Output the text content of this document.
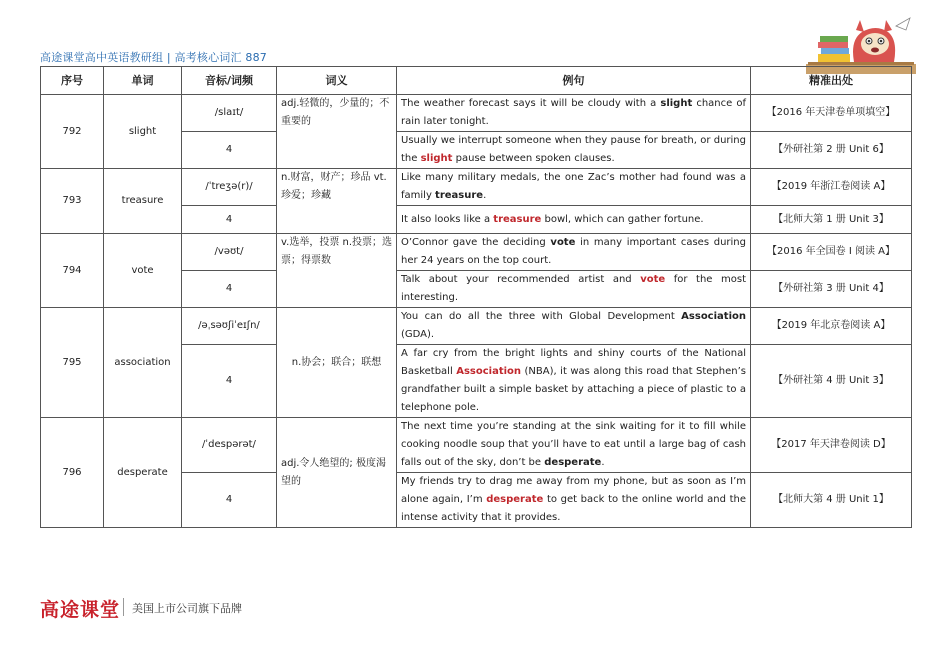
高途课堂高中英语教研组 | 高考核心词汇 887
序号	单词	音标/词频	词义	例句	精准出处
792	slight	/slaɪt/	adj.轻微的，少量的；不重要的	The weather forecast says it will be cloudy with a slight chance of rain later tonight.	【2016 年天津卷单项填空】
		4		Usually we interrupt someone when they pause for breath, or during the slight pause between spoken clauses.	【外研社第 2 册 Unit 6】
793	treasure	/ˈtreʒə(r)/	n.财富，财产；珍品 vt.珍爱；珍藏	Like many military medals, the one Zac’s mother had found was a family treasure.	【2019 年浙江卷阅读 A】
		4		It also looks like a treasure bowl, which can gather fortune.	【北师大第 1 册 Unit 3】
794	vote	/vəʊt/	v.选举，投票 n.投票；选票；得票数	O’Connor gave the deciding vote in many important cases during her 24 years on the top court.	【2016 年全国卷 I 阅读 A】
		4		Talk about your recommended artist and vote for the most interesting.	【外研社第 3 册 Unit 4】
795	association	/əˌsəʊʃiˈeɪʃn/	n.协会；联合；联想	You can do all the three with Global Development Association (GDA).	【2019 年北京卷阅读 A】
		4		A far cry from the bright lights and shiny courts of the National Basketball Association (NBA), it was along this road that Stephen’s grandfather built a simple basket by attaching a piece of plastic to a telephone pole.	【外研社第 4 册 Unit 3】
796	desperate	/ˈdespərət/	adj.令人绝望的; 极度渴望的	The next time you’re standing at the sink waiting for it to fill while cooking noodle soup that you’ll have to eat until a large bag of cash falls out of the sky, don’t be desperate.	【2017 年天津卷阅读 D】
		4		My friends try to drag me away from my phone, but as soon as I’m alone again, I’m desperate to get back to the online world and the intense activity that it provides.	【北师大第 4 册 Unit 1】
高途课堂 美国上市公司旗下品牌
